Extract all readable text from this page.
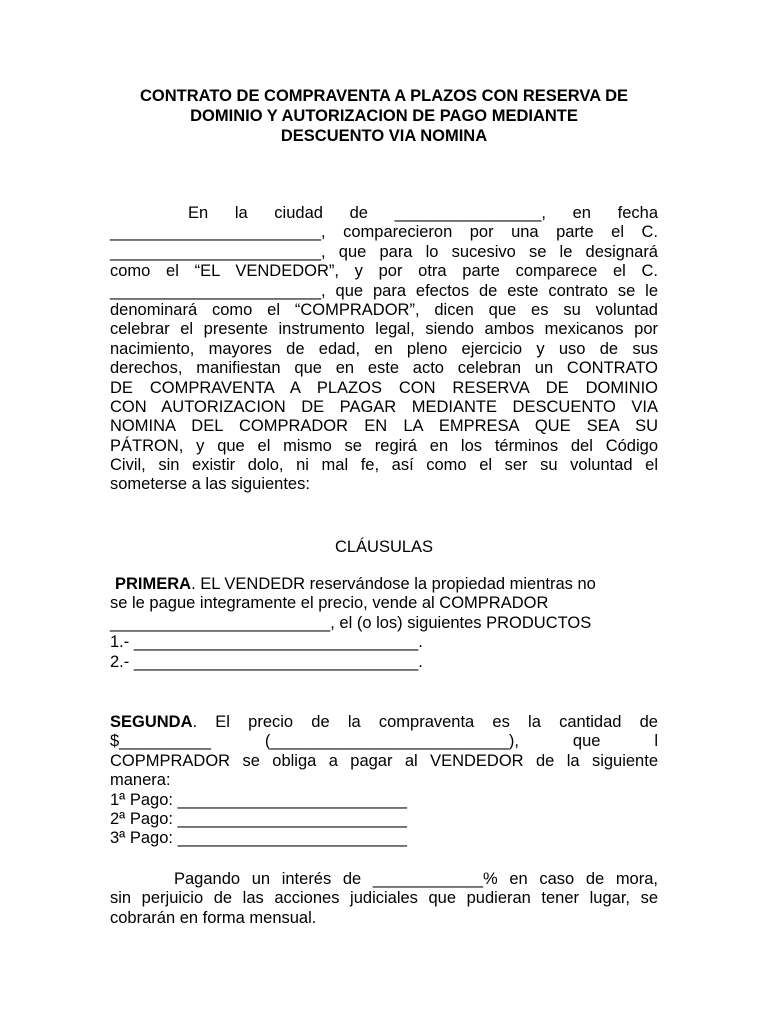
CONTRATO DE COMPRAVENTA A PLAZOS CON RESERVA DE
DOMINIO Y AUTORIZACION DE PAGO MEDIANTE
DESCUENTO VIA NOMINA
En la ciudad de ________________, en fecha
_______________________, comparecieron por una parte el C.
_______________________, que para lo sucesivo se le designará
como el “EL VENDEDOR”, y por otra parte comparece el C.
_______________________, que para efectos de este contrato se le
denominará como el “COMPRADOR”, dicen que es su voluntad
celebrar el presente instrumento legal, siendo ambos mexicanos por
nacimiento, mayores de edad, en pleno ejercicio y uso de sus
derechos, manifiestan que en este acto celebran un CONTRATO
DE COMPRAVENTA A PLAZOS CON RESERVA DE DOMINIO
CON AUTORIZACION DE PAGAR MEDIANTE DESCUENTO VIA
NOMINA DEL COMPRADOR EN LA EMPRESA QUE SEA SU
PÁTRON, y que el mismo se regirá en los términos del Código
Civil, sin existir dolo, ni mal fe, así como el ser su voluntad el
someterse a las siguientes:
CLÁUSULAS
PRIMERA. EL VENDEDR reservándose la propiedad mientras no
se le pague integramente el precio, vende al COMPRADOR
________________________, el (o los) siguientes PRODUCTOS
1.- _______________________________.
2.- _______________________________.
SEGUNDA. El precio de la compraventa es la cantidad de
$__________ (__________________________), que l
COPMPRADOR se obliga a pagar al VENDEDOR de la siguiente
manera:
1ª Pago: _________________________
2ª Pago: _________________________
3ª Pago: _________________________
Pagando un interés de ____________% en caso de mora,
sin perjuicio de las acciones judiciales que pudieran tener lugar, se
cobrarán en forma mensual.
